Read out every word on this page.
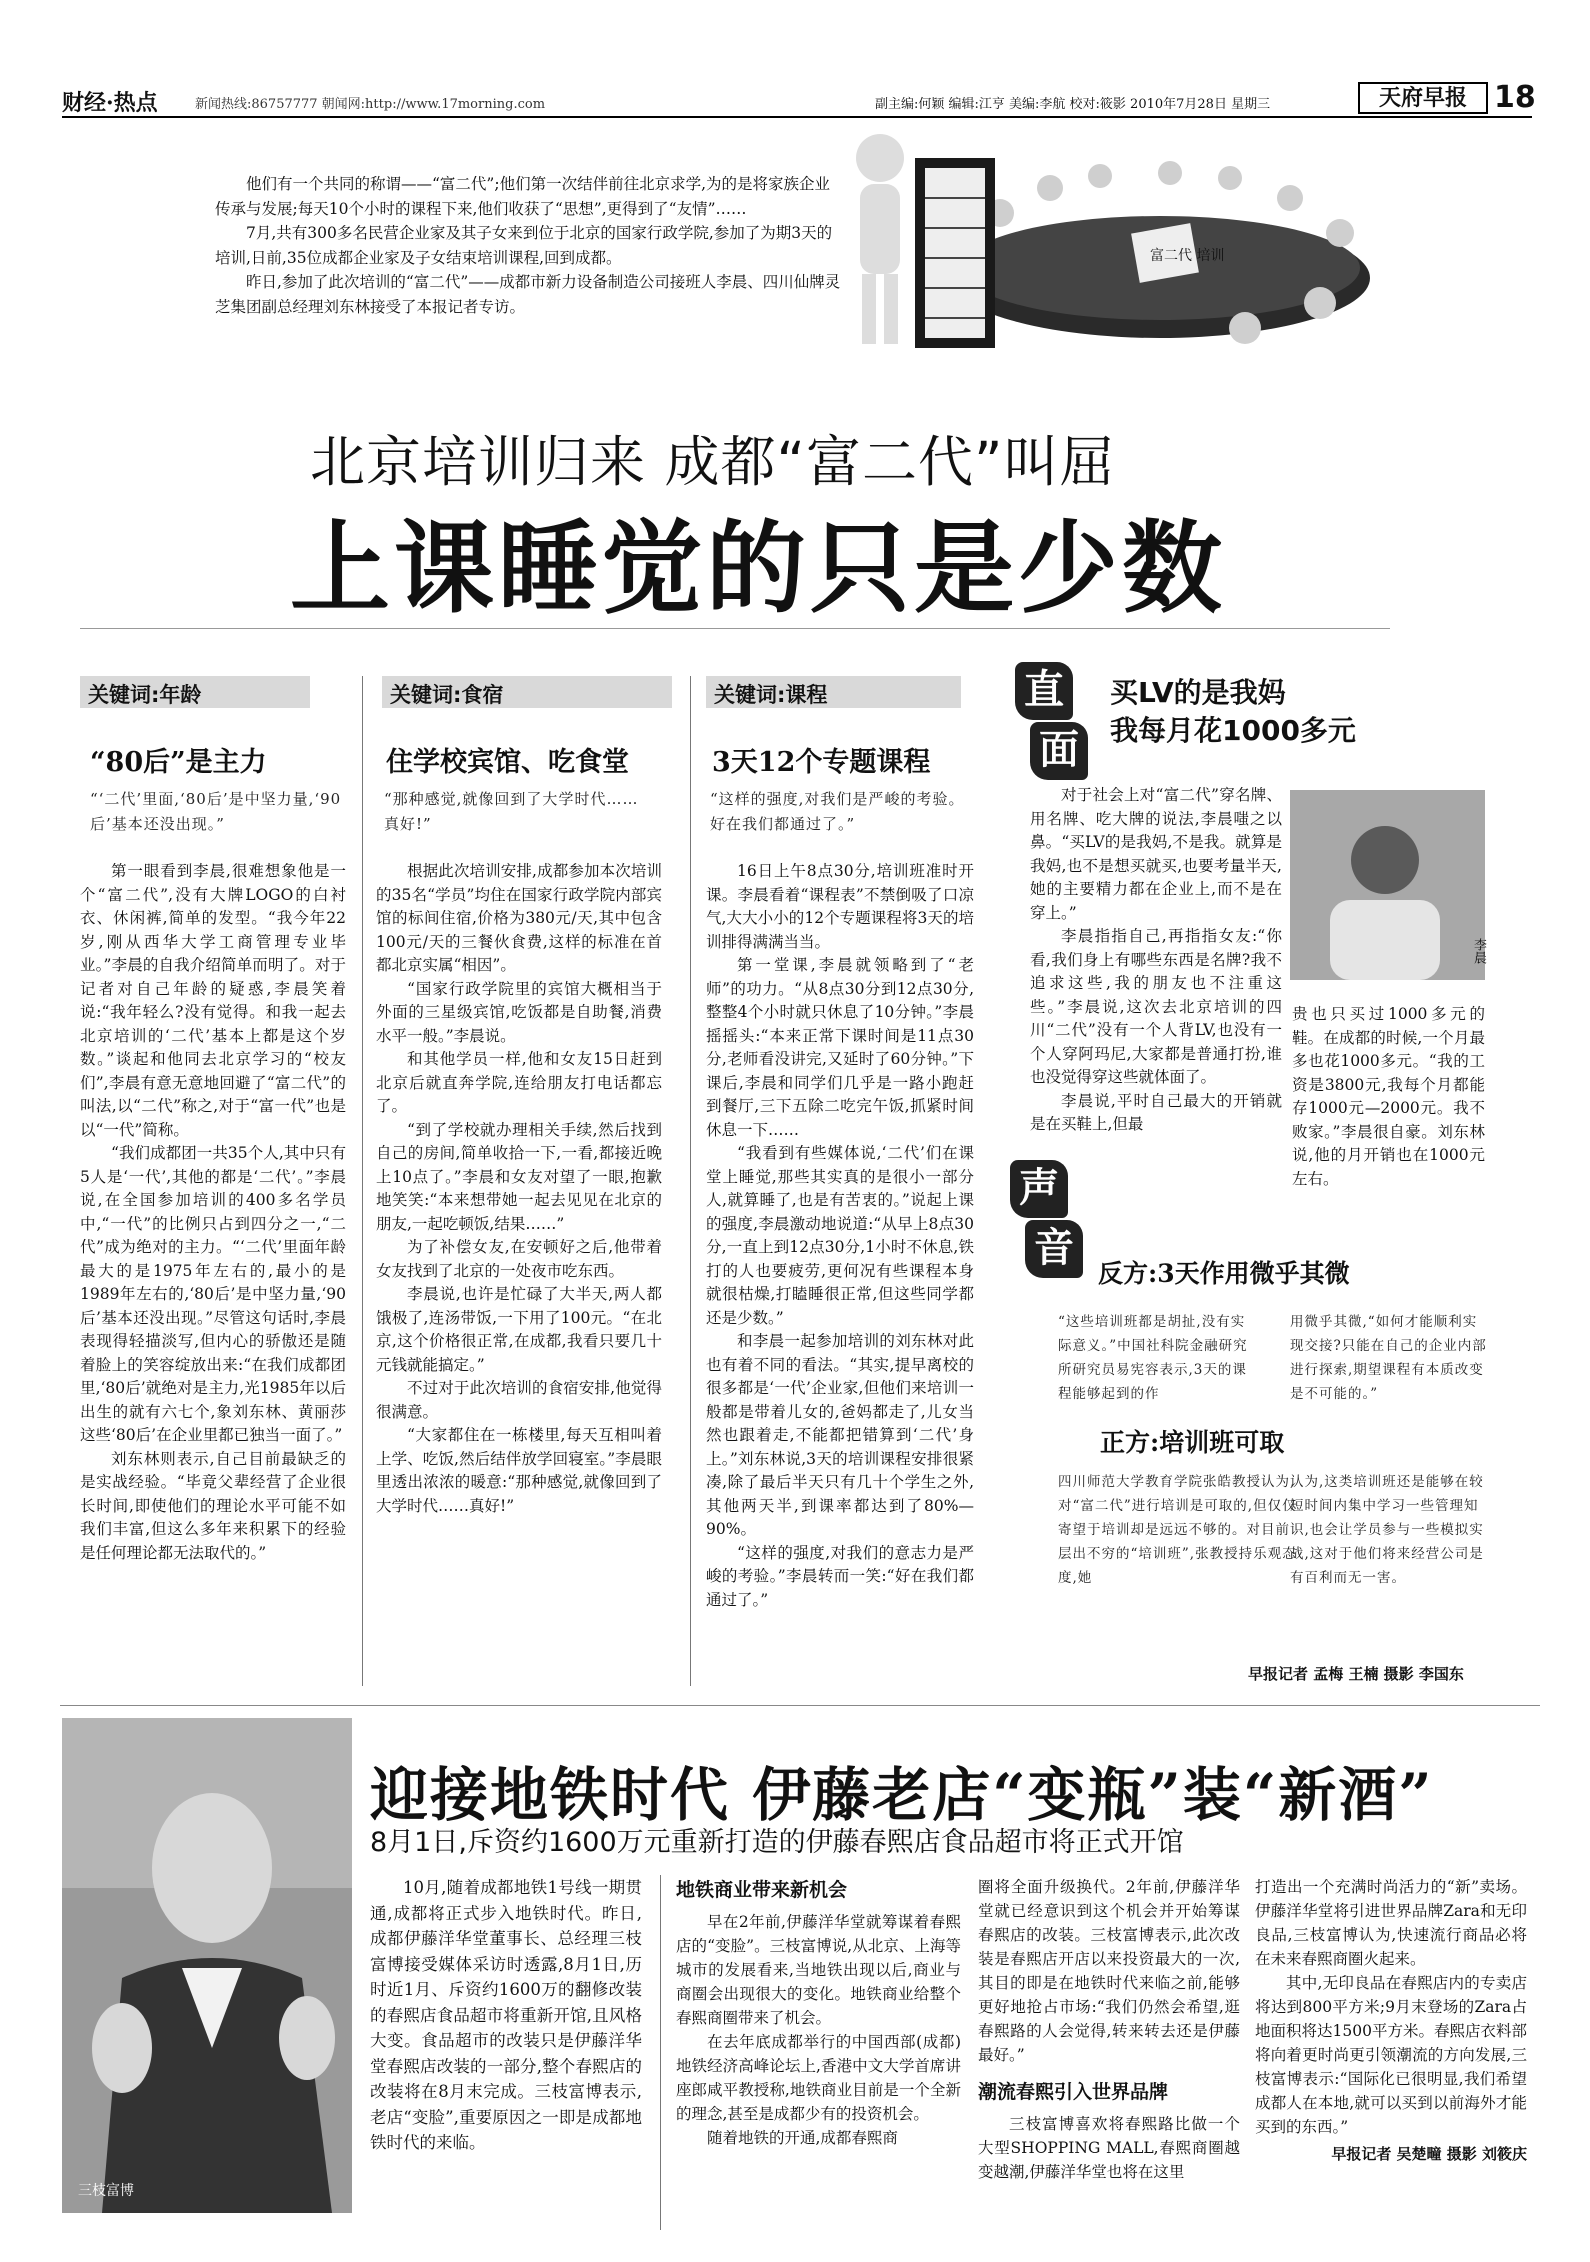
财经·热点	新闻热线:86757777 朝闻网:http://www.17morning.com	副主编:何颖 编辑:江亨 美编:李航 校对:筱影 2010年7月28日 星期三	天府早报 18

他们有一个共同的称谓——“富二代”;他们第一次结伴前往北京求学,为的是将家族企业传承与发展;每天10个小时的课程下来,他们收获了“思想”,更得到了“友情”……

7月,共有300多名民营企业家及其子女来到位于北京的国家行政学院,参加了为期3天的培训,日前,35位成都企业家及子女结束培训课程,回到成都。

昨日,参加了此次培训的“富二代”——成都市新力设备制造公司接班人李晨、四川仙牌灵芝集团副总经理刘东林接受了本报记者专访。

富二代 培训
北京培训归来 成都“富二代”叫屈
上课睡觉的只是少数
关键词:年龄
“80后”是主力
“‘二代’里面,‘80后’是中坚力量,‘90后’基本还没出现。”

第一眼看到李晨,很难想象他是一个“富二代”,没有大牌LOGO的白衬衣、休闲裤,简单的发型。“我今年22岁,刚从西华大学工商管理专业毕业。”李晨的自我介绍简单而明了。对于记者对自己年龄的疑惑,李晨笑着说:“我年轻么?没有觉得。和我一起去北京培训的‘二代’基本上都是这个岁数。”谈起和他同去北京学习的“校友们”,李晨有意无意地回避了“富二代”的叫法,以“二代”称之,对于“富一代”也是以“一代”简称。

“我们成都团一共35个人,其中只有5人是‘一代’,其他的都是‘二代’。”李晨说,在全国参加培训的400多名学员中,“一代”的比例只占到四分之一,“二代”成为绝对的主力。“‘二代’里面年龄最大的是1975年左右的,最小的是1989年左右的,‘80后’是中坚力量,‘90后’基本还没出现。”尽管这句话时,李晨表现得轻描淡写,但内心的骄傲还是随着脸上的笑容绽放出来:“在我们成都团里,‘80后’就绝对是主力,光1985年以后出生的就有六七个,象刘东林、黄丽莎这些‘80后’在企业里都已独当一面了。”

刘东林则表示,自己目前最缺乏的是实战经验。“毕竟父辈经营了企业很长时间,即使他们的理论水平可能不如我们丰富,但这么多年来积累下的经验是任何理论都无法取代的。”

关键词:食宿
住学校宾馆、吃食堂
“那种感觉,就像回到了大学时代……真好!”

根据此次培训安排,成都参加本次培训的35名“学员”均住在国家行政学院内部宾馆的标间住宿,价格为380元/天,其中包含100元/天的三餐伙食费,这样的标准在首都北京实属“相因”。

“国家行政学院里的宾馆大概相当于外面的三星级宾馆,吃饭都是自助餐,消费水平一般。”李晨说。

和其他学员一样,他和女友15日赶到北京后就直奔学院,连给朋友打电话都忘了。

“到了学校就办理相关手续,然后找到自己的房间,简单收拾一下,一看,都接近晚上10点了。”李晨和女友对望了一眼,抱歉地笑笑:“本来想带她一起去见见在北京的朋友,一起吃顿饭,结果……”

为了补偿女友,在安顿好之后,他带着女友找到了北京的一处夜市吃东西。

李晨说,也许是忙碌了大半天,两人都饿极了,连汤带饭,一下用了100元。“在北京,这个价格很正常,在成都,我看只要几十元钱就能搞定。”

不过对于此次培训的食宿安排,他觉得很满意。

“大家都住在一栋楼里,每天互相叫着上学、吃饭,然后结伴放学回寝室。”李晨眼里透出浓浓的暖意:“那种感觉,就像回到了大学时代……真好!”

关键词:课程
3天12个专题课程
“这样的强度,对我们是严峻的考验。好在我们都通过了。”

16日上午8点30分,培训班准时开课。李晨看着“课程表”不禁倒吸了口凉气,大大小小的12个专题课程将3天的培训排得满满当当。

第一堂课,李晨就领略到了“老师”的功力。“从8点30分到12点30分,整整4个小时就只休息了10分钟。”李晨摇摇头:“本来正常下课时间是11点30分,老师看没讲完,又延时了60分钟。”下课后,李晨和同学们几乎是一路小跑赶到餐厅,三下五除二吃完午饭,抓紧时间休息一下……

“我看到有些媒体说,‘二代’们在课堂上睡觉,那些其实真的是很小一部分人,就算睡了,也是有苦衷的。”说起上课的强度,李晨激动地说道:“从早上8点30分,一直上到12点30分,1小时不休息,铁打的人也要疲劳,更何况有些课程本身就很枯燥,打瞌睡很正常,但这些同学都还是少数。”

和李晨一起参加培训的刘东林对此也有着不同的看法。“其实,提早离校的很多都是‘一代’企业家,但他们来培训一般都是带着儿女的,爸妈都走了,儿女当然也跟着走,不能都把错算到‘二代’身上。”刘东林说,3天的培训课程安排很紧凑,除了最后半天只有几十个学生之外,其他两天半,到课率都达到了80%—90%。

“这样的强度,对我们的意志力是严峻的考验。”李晨转而一笑:“好在我们都通过了。”

直
面
买LV的是我妈
我每月花1000多元
李晨

对于社会上对“富二代”穿名牌、用名牌、吃大牌的说法,李晨嗤之以鼻。“买LV的是我妈,不是我。就算是我妈,也不是想买就买,也要考量半天,她的主要精力都在企业上,而不是在穿上。”

李晨指指自己,再指指女友:“你看,我们身上有哪些东西是名牌?我不追求这些,我的朋友也不注重这些。”李晨说,这次去北京培训的四川“二代”没有一个人背LV,也没有一个人穿阿玛尼,大家都是普通打扮,谁也没觉得穿这些就体面了。

李晨说,平时自己最大的开销就是在买鞋上,但最

贵也只买过1000多元的鞋。在成都的时候,一个月最多也花1000多元。“我的工资是3800元,我每个月都能存1000元—2000元。我不败家。”李晨很自豪。刘东林说,他的月开销也在1000元左右。

声
音
反方:3天作用微乎其微
“这些培训班都是胡扯,没有实际意义。”中国社科院金融研究所研究员易宪容表示,3天的课程能够起到的作
用微乎其微,“如何才能顺利实现交接?只能在自己的企业内部进行探索,期望课程有本质改变是不可能的。”
正方:培训班可取
四川师范大学教育学院张皓教授认为,对“富二代”进行培训是可取的,但仅仅寄望于培训却是远远不够的。对目前层出不穷的“培训班”,张教授持乐观态度,她
认为,这类培训班还是能够在较短时间内集中学习一些管理知识,也会让学员参与一些模拟实战,这对于他们将来经营公司是有百利而无一害。
早报记者 孟梅 王楠 摄影 李国东
三枝富博
迎接地铁时代 伊藤老店“变瓶”装“新酒”
8月1日,斥资约1600万元重新打造的伊藤春熙店食品超市将正式开馆

10月,随着成都地铁1号线一期贯通,成都将正式步入地铁时代。昨日,成都伊藤洋华堂董事长、总经理三枝富博接受媒体采访时透露,8月1日,历时近1月、斥资约1600万的翻修改装的春熙店食品超市将重新开馆,且风格大变。食品超市的改装只是伊藤洋华堂春熙店改装的一部分,整个春熙店的改装将在8月末完成。三枝富博表示,老店“变脸”,重要原因之一即是成都地铁时代的来临。

地铁商业带来新机会

早在2年前,伊藤洋华堂就筹谋着春熙店的“变脸”。三枝富博说,从北京、上海等城市的发展看来,当地铁出现以后,商业与商圈会出现很大的变化。地铁商业给整个春熙商圈带来了机会。

在去年底成都举行的中国西部(成都)地铁经济高峰论坛上,香港中文大学首席讲座郎咸平教授称,地铁商业目前是一个全新的理念,甚至是成都少有的投资机会。

随着地铁的开通,成都春熙商

圈将全面升级换代。2年前,伊藤洋华堂就已经意识到这个机会并开始筹谋春熙店的改装。三枝富博表示,此次改装是春熙店开店以来投资最大的一次,其目的即是在地铁时代来临之前,能够更好地抢占市场:“我们仍然会希望,逛春熙路的人会觉得,转来转去还是伊藤最好。”

潮流春熙引入世界品牌

三枝富博喜欢将春熙路比做一个大型SHOPPING MALL,春熙商圈越变越潮,伊藤洋华堂也将在这里

打造出一个充满时尚活力的“新”卖场。伊藤洋华堂将引进世界品牌Zara和无印良品,三枝富博认为,快速流行商品必将在未来春熙商圈火起来。

其中,无印良品在春熙店内的专卖店将达到800平方米;9月末登场的Zara占地面积将达1500平方米。春熙店衣料部将向着更时尚更引领潮流的方向发展,三枝富博表示:“国际化已很明显,我们希望成都人在本地,就可以买到以前海外才能买到的东西。”

早报记者 吴楚疃 摄影 刘筱庆
